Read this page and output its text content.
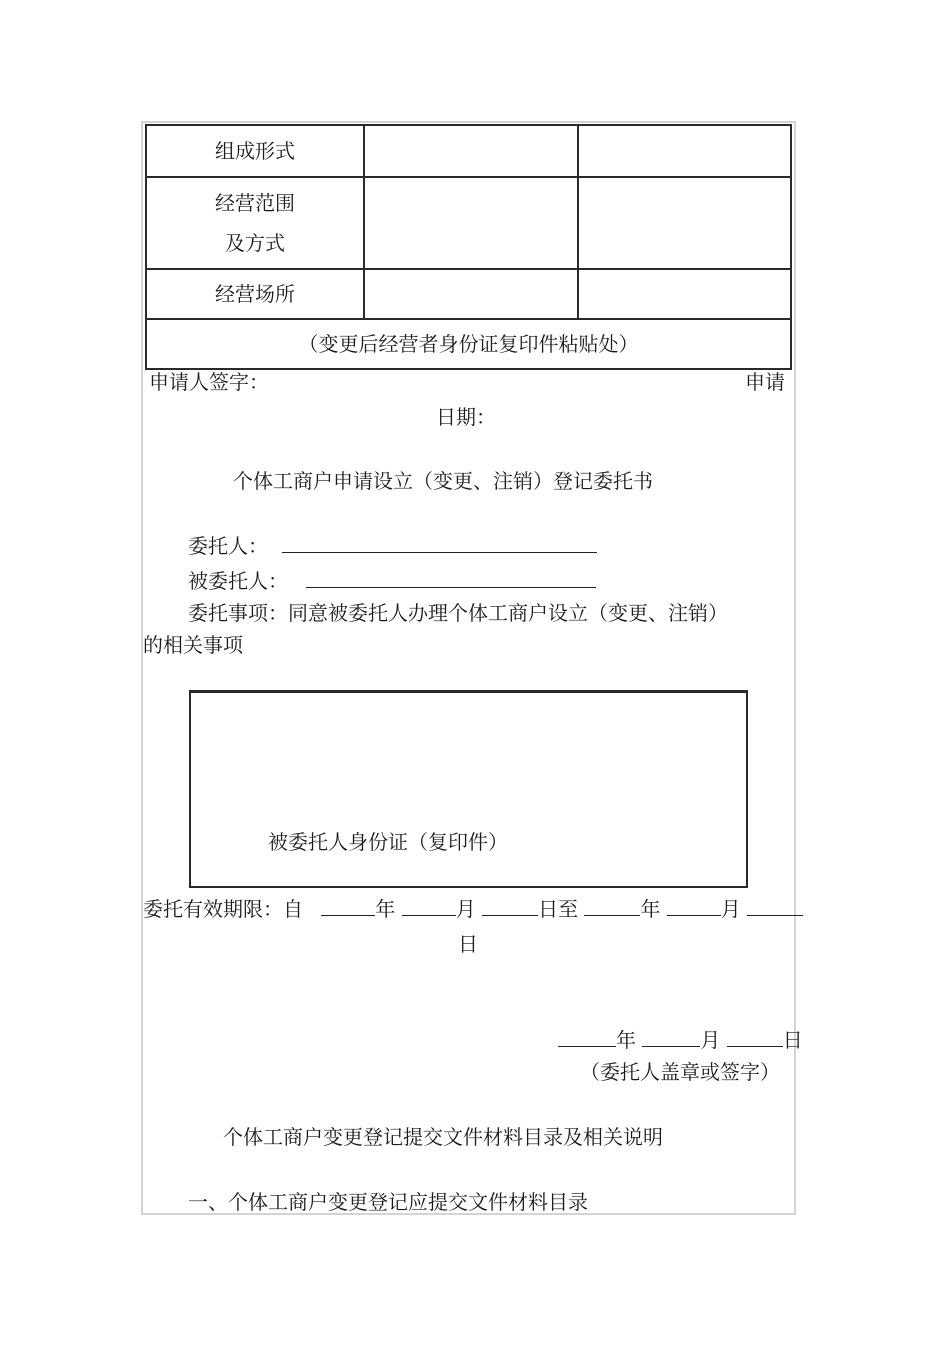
组成形式		

经营范围
及方式		

经营场所		
（变更后经营者身份证复印件粘贴处）		
申请人签字：	申请
日期：
个体工商户申请设立（变更、注销）登记委托书
委托人：
被委托人：
委托事项：同意被委托人办理个体工商户设立（变更、注销）
的相关事项
被委托人身份证（复印件）
委托有效期限：自	年	月	日至	年	月
日
年	月	日
（委托人盖章或签字）
个体工商户变更登记提交文件材料目录及相关说明
一、个体工商户变更登记应提交文件材料目录
